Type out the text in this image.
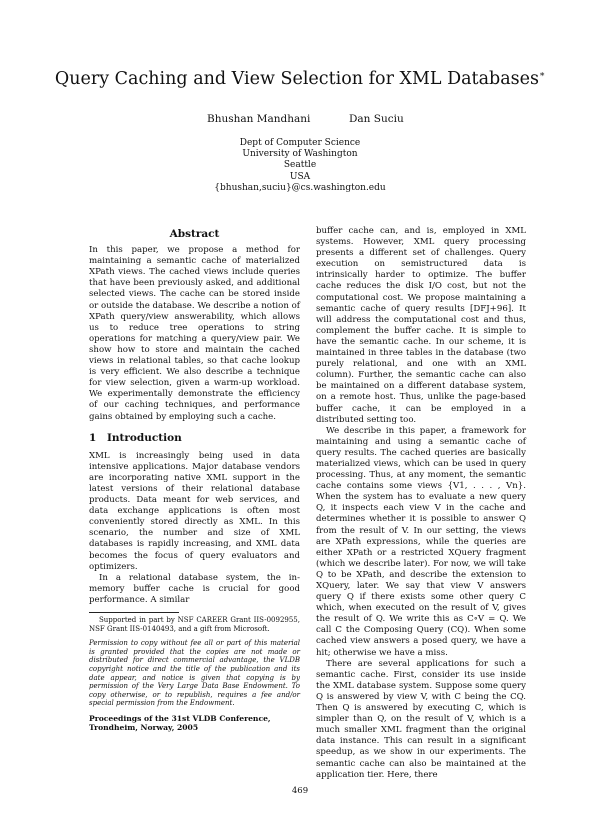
Query Caching and View Selection for XML Databases∗
Bhushan Mandhani	Dan Suciu
Dept of Computer Science
University of Washington
Seattle
USA
{bhushan,suciu}@cs.washington.edu
Abstract

In this paper, we propose a method for maintaining a semantic cache of materialized XPath views. The cached views include queries that have been previously asked, and additional selected views. The cache can be stored inside or outside the database. We describe a notion of XPath query/view answerability, which allows us to reduce tree operations to string operations for matching a query/view pair. We show how to store and maintain the cached views in relational tables, so that cache lookup is very efficient. We also describe a technique for view selection, given a warm-up workload. We experimentally demonstrate the efficiency of our caching techniques, and performance gains obtained by employing such a cache.

1 Introduction

XML is increasingly being used in data intensive applications. Major database vendors are incorporating native XML support in the latest versions of their relational database products. Data meant for web services, and data exchange applications is often most conveniently stored directly as XML. In this scenario, the number and size of XML databases is rapidly increasing, and XML data becomes the focus of query evaluators and optimizers.

In a relational database system, the in-memory buffer cache is crucial for good performance. A similar

Supported in part by NSF CAREER Grant IIS-0092955, NSF Grant IIS-0140493, and a gift from Microsoft.

Permission to copy without fee all or part of this material is granted provided that the copies are not made or distributed for direct commercial advantage, the VLDB copyright notice and the title of the publication and its date appear, and notice is given that copying is by permission of the Very Large Data Base Endowment. To copy otherwise, or to republish, requires a fee and/or special permission from the Endowment.
Proceedings of the 31st VLDB Conference,
Trondheim, Norway, 2005

buffer cache can, and is, employed in XML systems. However, XML query processing presents a different set of challenges. Query execution on semistructured data is intrinsically harder to optimize. The buffer cache reduces the disk I/O cost, but not the computational cost. We propose maintaining a semantic cache of query results [DFJ+96]. It will address the computational cost and thus, complement the buffer cache. It is simple to have the semantic cache. In our scheme, it is maintained in three tables in the database (two purely relational, and one with an XML column). Further, the semantic cache can also be maintained on a different database system, on a remote host. Thus, unlike the page-based buffer cache, it can be employed in a distributed setting too.

We describe in this paper, a framework for maintaining and using a semantic cache of query results. The cached queries are basically materialized views, which can be used in query processing. Thus, at any moment, the semantic cache contains some views {V1, . . . , Vn}. When the system has to evaluate a new query Q, it inspects each view V in the cache and determines whether it is possible to answer Q from the result of V. In our setting, the views are XPath expressions, while the queries are either XPath or a restricted XQuery fragment (which we describe later). For now, we will take Q to be XPath, and describe the extension to XQuery, later. We say that view V answers query Q if there exists some other query C which, when executed on the result of V, gives the result of Q. We write this as C∘V = Q. We call C the Composing Query (CQ). When some cached view answers a posed query, we have a hit; otherwise we have a miss.

There are several applications for such a semantic cache. First, consider its use inside the XML database system. Suppose some query Q is answered by view V, with C being the CQ. Then Q is answered by executing C, which is simpler than Q, on the result of V, which is a much smaller XML fragment than the original data instance. This can result in a significant speedup, as we show in our experiments. The semantic cache can also be maintained at the application tier. Here, there

469
